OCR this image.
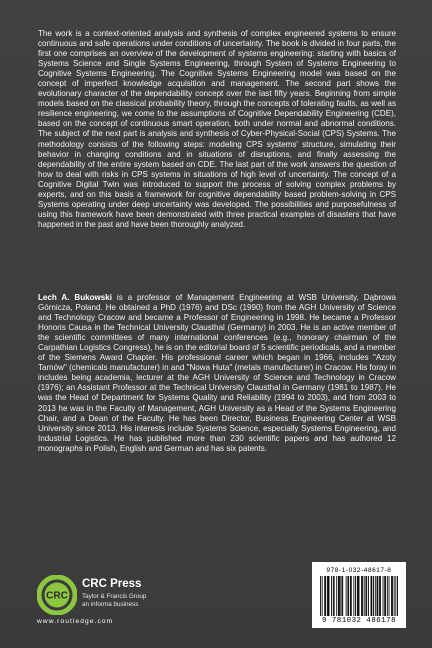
The work is a context-oriented analysis and synthesis of complex engineered systems to ensure continuous and safe operations under conditions of uncertainty. The book is divided in four parts, the first one comprises an overview of the development of systems engineering: starting with basics of Systems Science and Single Systems Engineering, through System of Systems Engineering to Cognitive Systems Engineering. The Cognitive Systems Engineering model was based on the concept of imperfect knowledge acquisition and management. The second part shows the evolutionary character of the dependability concept over the last fifty years. Beginning from simple models based on the classical probability theory, through the concepts of tolerating faults, as well as resilience engineering, we come to the assumptions of Cognitive Dependability Engineering (CDE), based on the concept of continuous smart operation, both under normal and abnormal conditions. The subject of the next part is analysis and synthesis of Cyber-Physical-Social (CPS) Systems. The methodology consists of the following steps: modeling CPS systems' structure, simulating their behavior in changing conditions and in situations of disruptions, and finally assessing the dependability of the entire system based on CDE. The last part of the work answers the question of how to deal with risks in CPS systems in situations of high level of uncertainty. The concept of a Cognitive Digital Twin was introduced to support the process of solving complex problems by experts, and on this basis a framework for cognitive dependability based problem-solving in CPS Systems operating under deep uncertainty was developed. The possibilities and purposefulness of using this framework have been demonstrated with three practical examples of disasters that have happened in the past and have been thoroughly analyzed.

Lech A. Bukowski is a professor of Management Engineering at WSB University, Dąbrowa Górnicza, Poland. He obtained a PhD (1976) and DSc (1990) from the AGH University of Science and Technology Cracow and became a Professor of Engineering in 1998. He became a Professor Honoris Causa in the Technical University Clausthal (Germany) in 2003. He is an active member of the scientific committees of many international conferences (e.g., honorary chairman of the Carpathian Logistics Congress), he is on the editorial board of 5 scientific periodicals, and a member of the Siemens Award Chapter. His professional career which began in 1966, includes "Azoty Tarnów" (chemicals manufacturer) in and "Nowa Huta" (metals manufacturer) in Cracow. His foray in includes being academia, lecturer at the AGH University of Science and Technology in Cracow (1976); an Assistant Professor at the Technical University Clausthal in Germany (1981 to 1987). He was the Head of Department for Systems Quality and Reliability (1994 to 2003), and from 2003 to 2013 he was in the Faculty of Management, AGH University as a Head of the Systems Engineering Chair, and a Dean of the Faculty. He has been Director, Business Engineering Center at WSB University since 2013. His interests include Systems Science, especially Systems Engineering, and Industrial Logistics. He has published more than 230 scientific papers and has authored 12 monographs in Polish, English and German and has six patents.

CRC

CRC Press

Taylor & Francis Group

an informa business

www.routledge.com

978-1-032-48617-8

9 781032 486178
